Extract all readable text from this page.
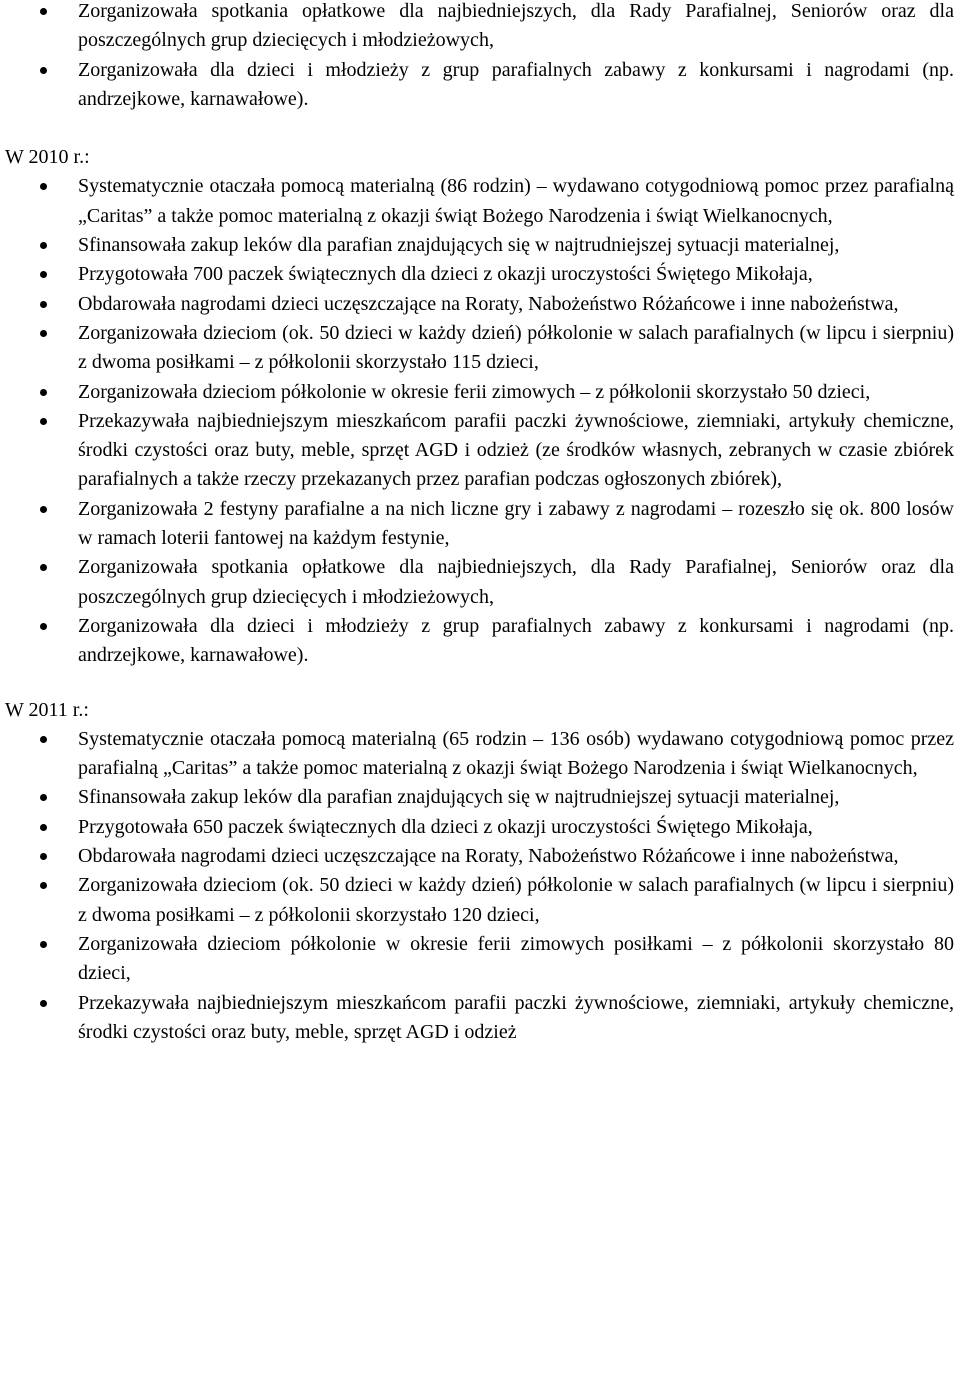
Zorganizowała spotkania opłatkowe dla najbiedniejszych, dla Rady Parafialnej, Seniorów oraz dla poszczególnych grup dziecięcych i młodzieżowych,
Zorganizowała dla dzieci i młodzieży z grup parafialnych zabawy z konkursami i nagrodami (np. andrzejkowe, karnawałowe).

W 2010 r.:

Systematycznie otaczała pomocą materialną (86 rodzin) – wydawano cotygodniową pomoc przez parafialną „Caritas” a także pomoc materialną z okazji świąt Bożego Narodzenia i świąt Wielkanocnych,
Sfinansowała zakup leków dla parafian znajdujących się w najtrudniejszej sytuacji materialnej,
Przygotowała 700 paczek świątecznych dla dzieci z okazji uroczystości Świętego Mikołaja,
Obdarowała nagrodami dzieci uczęszczające na Roraty, Nabożeństwo Różańcowe i inne nabożeństwa,
Zorganizowała dzieciom (ok. 50 dzieci w każdy dzień) półkolonie w salach parafialnych (w lipcu i sierpniu) z dwoma posiłkami – z półkolonii skorzystało 115 dzieci,
Zorganizowała dzieciom półkolonie w okresie ferii zimowych – z półkolonii skorzystało 50 dzieci,
Przekazywała najbiedniejszym mieszkańcom parafii paczki żywnościowe, ziemniaki, artykuły chemiczne, środki czystości oraz buty, meble, sprzęt AGD i odzież (ze środków własnych, zebranych w czasie zbiórek parafialnych a także rzeczy przekazanych przez parafian podczas ogłoszonych zbiórek),
Zorganizowała 2 festyny parafialne a na nich liczne gry i zabawy z nagrodami – rozeszło się ok. 800 losów w ramach loterii fantowej na każdym festynie,
Zorganizowała spotkania opłatkowe dla najbiedniejszych, dla Rady Parafialnej, Seniorów oraz dla poszczególnych grup dziecięcych i młodzieżowych,
Zorganizowała dla dzieci i młodzieży z grup parafialnych zabawy z konkursami i nagrodami (np. andrzejkowe, karnawałowe).

W 2011 r.:

Systematycznie otaczała pomocą materialną (65 rodzin – 136 osób) wydawano cotygodniową pomoc przez parafialną „Caritas” a także pomoc materialną z okazji świąt Bożego Narodzenia i świąt Wielkanocnych,
Sfinansowała zakup leków dla parafian znajdujących się w najtrudniejszej sytuacji materialnej,
Przygotowała 650 paczek świątecznych dla dzieci z okazji uroczystości Świętego Mikołaja,
Obdarowała nagrodami dzieci uczęszczające na Roraty, Nabożeństwo Różańcowe i inne nabożeństwa,
Zorganizowała dzieciom (ok. 50 dzieci w każdy dzień) półkolonie w salach parafialnych (w lipcu i sierpniu) z dwoma posiłkami – z półkolonii skorzystało 120 dzieci,
Zorganizowała dzieciom półkolonie w okresie ferii zimowych posiłkami – z półkolonii skorzystało 80 dzieci,
Przekazywała najbiedniejszym mieszkańcom parafii paczki żywnościowe, ziemniaki, artykuły chemiczne, środki czystości oraz buty, meble, sprzęt AGD i odzież
